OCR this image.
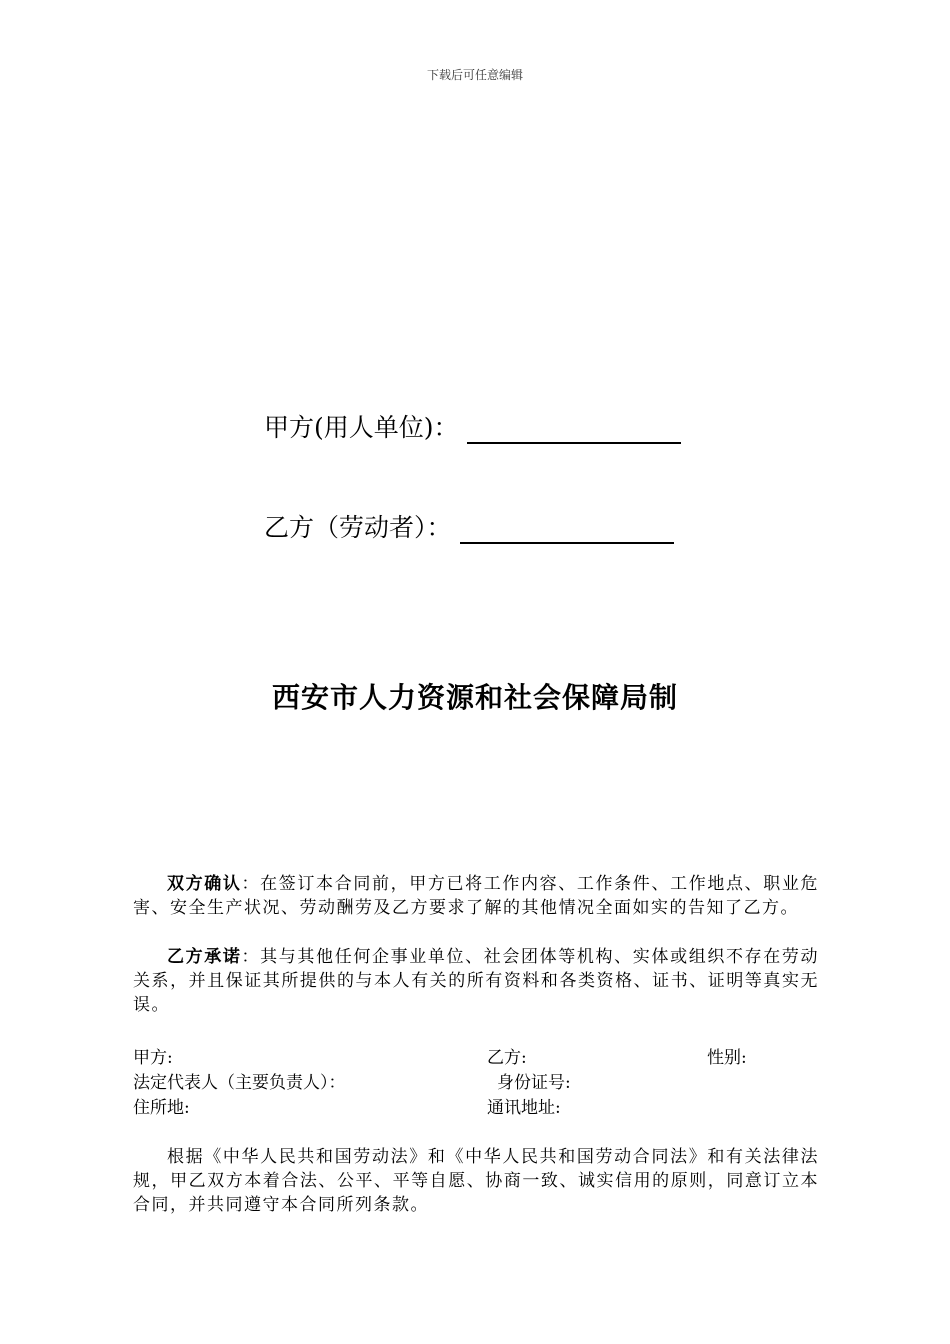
下载后可任意编辑
甲方(用人单位)：
乙方（劳动者）：
西安市人力资源和社会保障局制
双方确认：在签订本合同前，甲方已将工作内容、工作条件、工作地点、职业危害、安全生产状况、劳动酬劳及乙方要求了解的其他情况全面如实的告知了乙方。
乙方承诺：其与其他任何企事业单位、社会团体等机构、实体或组织不存在劳动关系，并且保证其所提供的与本人有关的所有资料和各类资格、证书、证明等真实无误。
甲方:
法定代表人（主要负责人）：
住所地:
乙方:	性别:
身份证号:
通讯地址:
根据《中华人民共和国劳动法》和《中华人民共和国劳动合同法》和有关法律法规，甲乙双方本着合法、公平、平等自愿、协商一致、诚实信用的原则，同意订立本合同，并共同遵守本合同所列条款。
